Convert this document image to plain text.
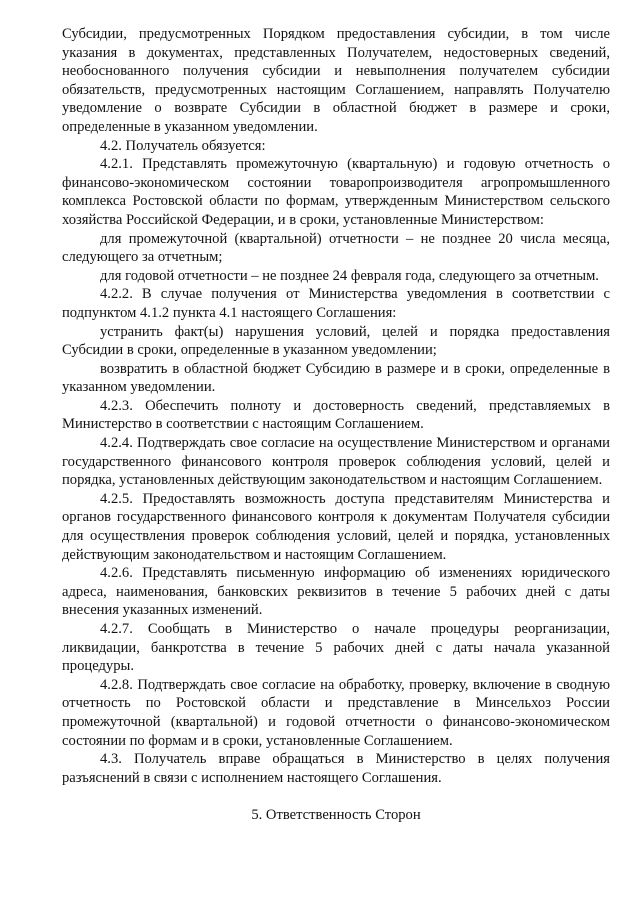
Субсидии, предусмотренных Порядком предоставления субсидии, в том числе указания в документах, представленных Получателем, недостоверных сведений, необоснованного получения субсидии и невыполнения получателем субсидии обязательств, предусмотренных настоящим Соглашением, направлять Получателю уведомление о возврате Субсидии в областной бюджет в размере и сроки, определенные в указанном уведомлении.

4.2. Получатель обязуется:

4.2.1. Представлять промежуточную (квартальную) и годовую отчетность о финансово-экономическом состоянии товаропроизводителя агропромышленного комплекса Ростовской области по формам, утвержденным Министерством сельского хозяйства Российской Федерации, и в сроки, установленные Министерством:

для промежуточной (квартальной) отчетности – не позднее 20 числа месяца, следующего за отчетным;

для годовой отчетности – не позднее 24 февраля года, следующего за отчетным.

4.2.2. В случае получения от Министерства уведомления в соответствии с подпунктом 4.1.2 пункта 4.1 настоящего Соглашения:

устранить факт(ы) нарушения условий, целей и порядка предоставления Субсидии в сроки, определенные в указанном уведомлении;

возвратить в областной бюджет Субсидию в размере и в сроки, определенные в указанном уведомлении.

4.2.3. Обеспечить полноту и достоверность сведений, представляемых в Министерство в соответствии с настоящим Соглашением.

4.2.4. Подтверждать свое согласие на осуществление Министерством и органами государственного финансового контроля проверок соблюдения условий, целей и порядка, установленных действующим законодательством и настоящим Соглашением.

4.2.5. Предоставлять возможность доступа представителям Министерства и органов государственного финансового контроля к документам Получателя субсидии для осуществления проверок соблюдения условий, целей и порядка, установленных действующим законодательством и настоящим Соглашением.

4.2.6. Представлять письменную информацию об изменениях юридического адреса, наименования, банковских реквизитов в течение 5 рабочих дней с даты внесения указанных изменений.

4.2.7. Сообщать в Министерство о начале процедуры реорганизации, ликвидации, банкротства в течение 5 рабочих дней с даты начала указанной процедуры.

4.2.8. Подтверждать свое согласие на обработку, проверку, включение в сводную отчетность по Ростовской области и представление в Минсельхоз России промежуточной (квартальной) и годовой отчетности о финансово-экономическом состоянии по формам и в сроки, установленные Соглашением.

4.3. Получатель вправе обращаться в Министерство в целях получения разъяснений в связи с исполнением настоящего Соглашения.

5. Ответственность Сторон
